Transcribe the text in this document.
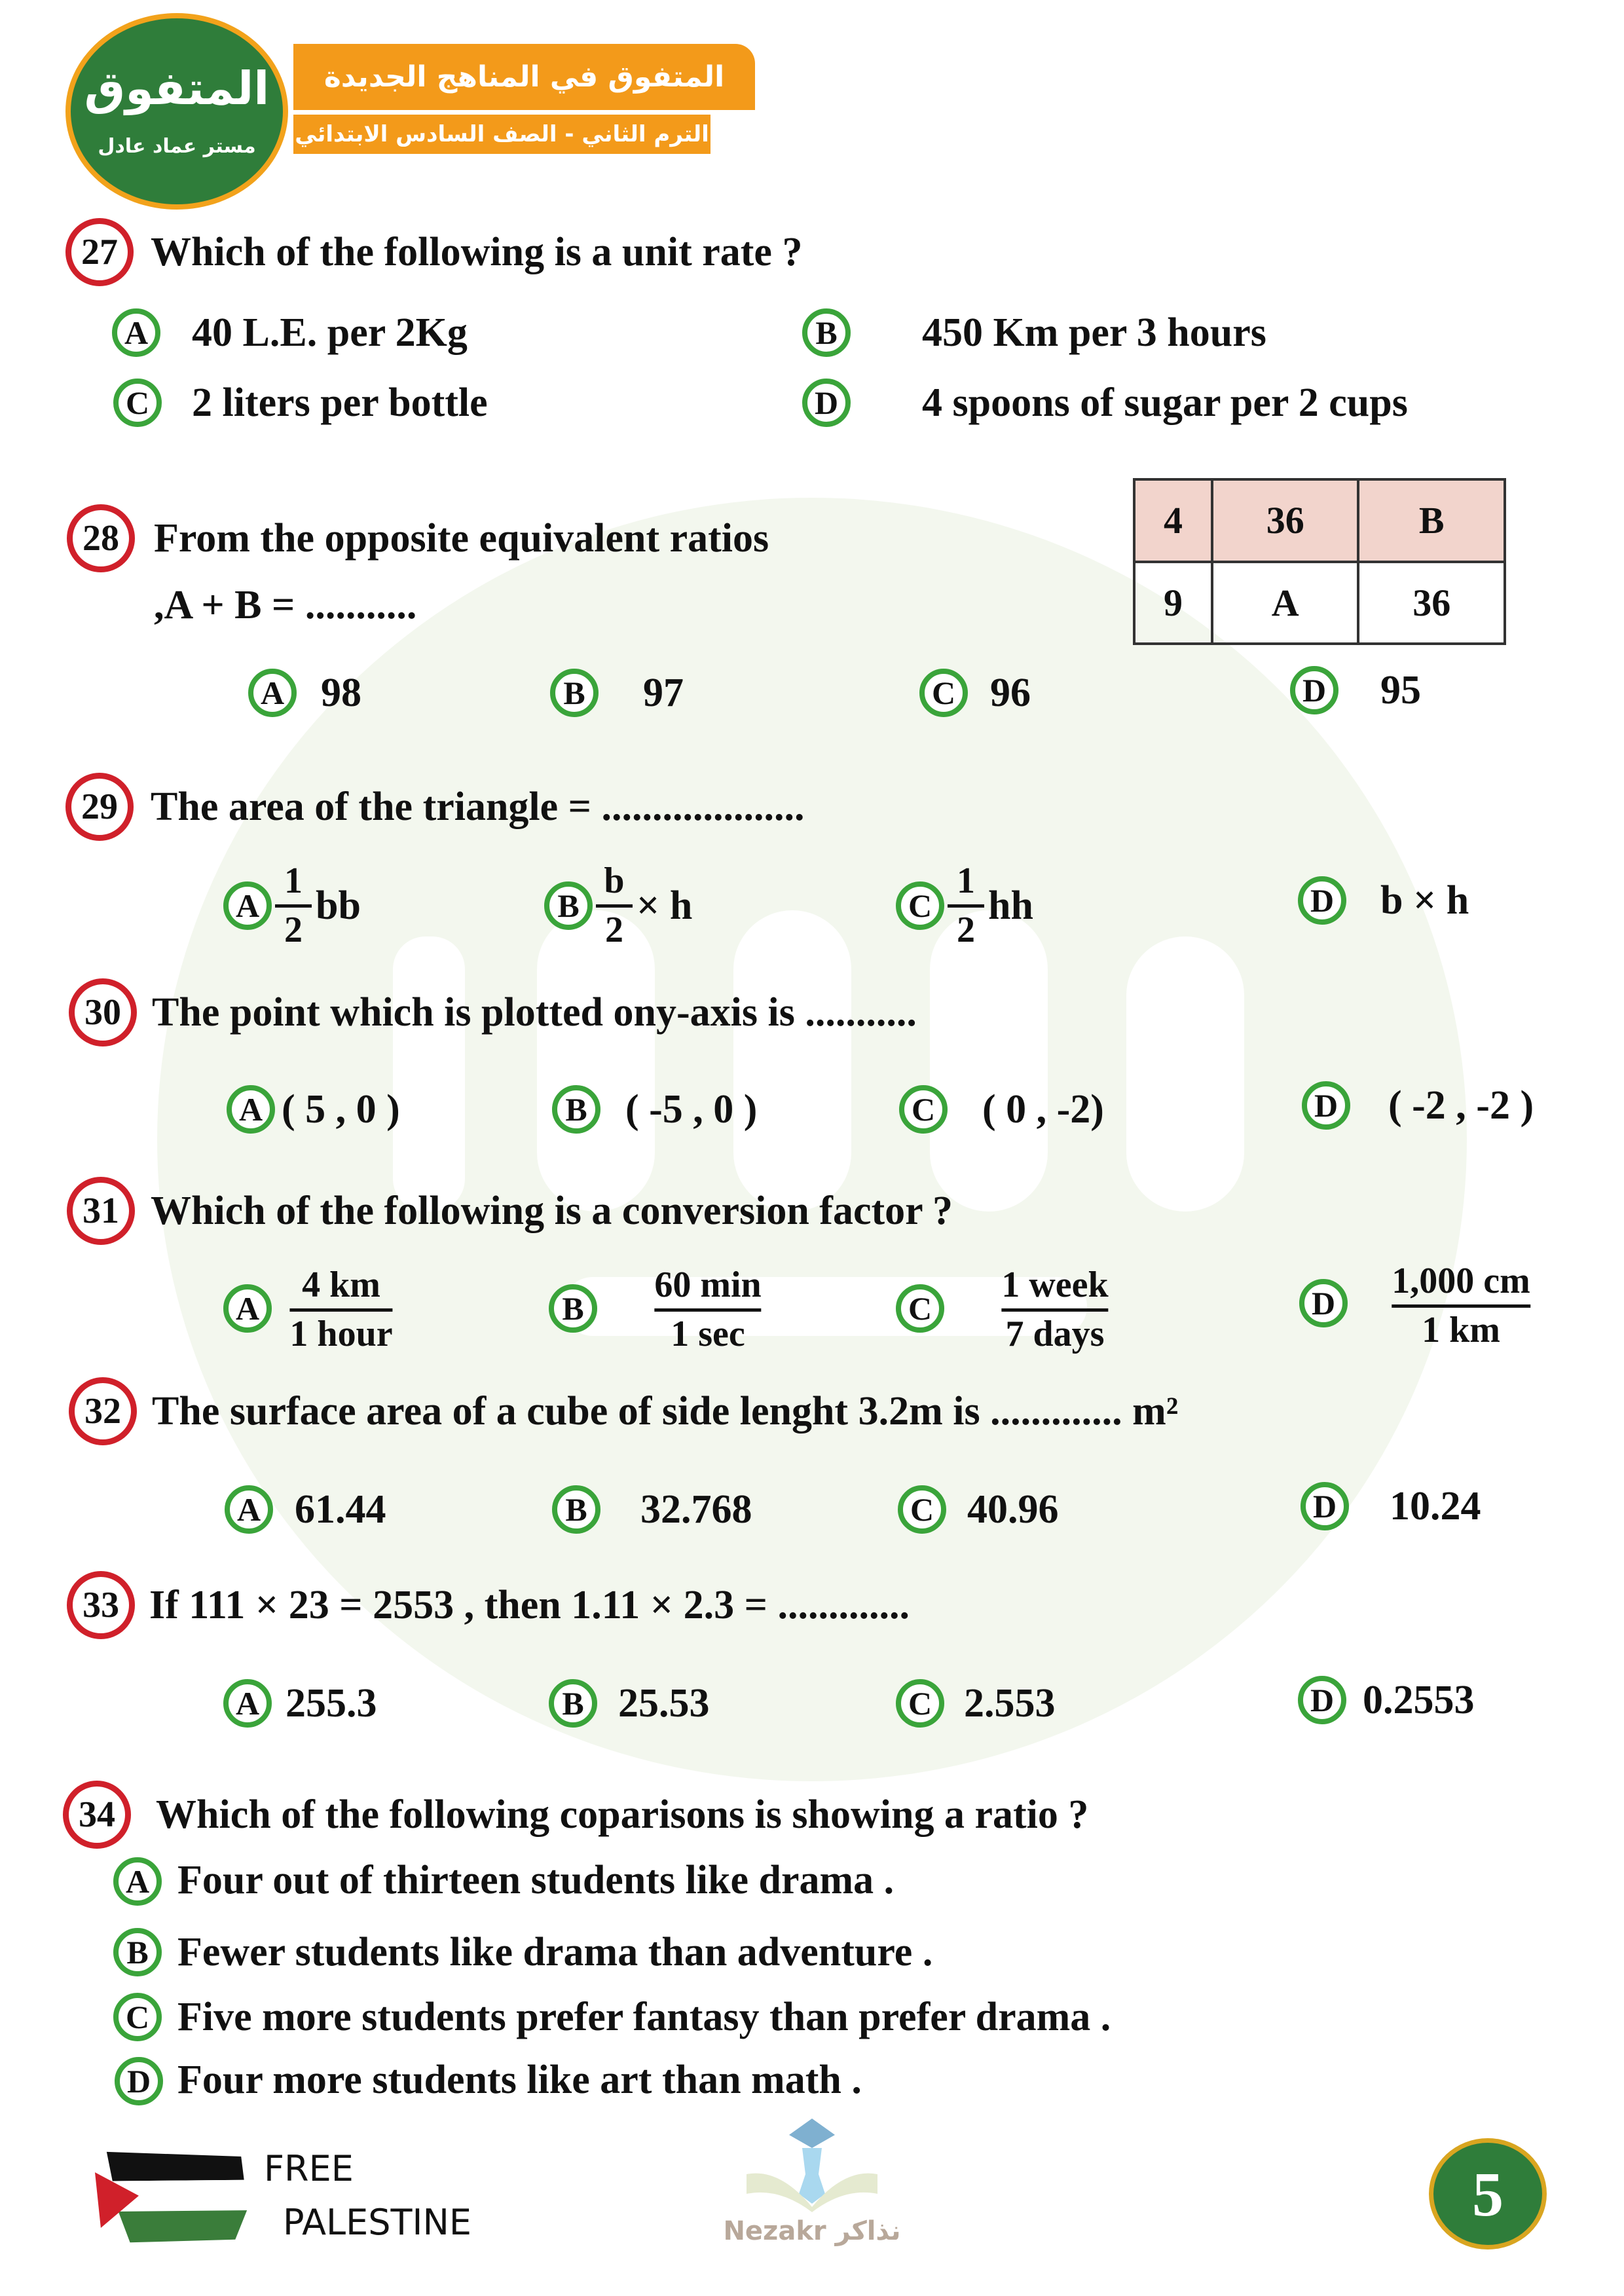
المتفوق في المناهج الجديدة
الترم الثاني - الصف السادس الابتدائي
المتفوق
مستر عماد عادل
27 Which of the following is a unit rate ?
A	40 L.E. per 2Kg	B	450 Km per 3 hours
C	2 liters per bottle	D	4 spoons of sugar per 2 cups
28 From the opposite equivalent ratios
,A + B = ...........
4	36	B
9	A	36
A 98	B	97	C 96	D	95
29 The area of the triangle = ....................
A
1
2
bb	B
b
2
× h	C
1
2
hh	D	b × h
30 The point which is plotted ony-axis is ...........
A ( 5 , 0 )	B ( -5 , 0 )	C	( 0 , -2)	D	( -2 , -2 )
31 Which of the following is a conversion factor ?
A
4 km
1 hour
B
60 min
1 sec
C
1 week
7 days
D
1,000 cm
1 km
32 The surface area of a cube of side lenght 3.2m is ............. m²
A 61.44	B	32.768	C 40.96	D	10.24
33 If 111 × 23 = 2553 , then 1.11 × 2.3 = .............
A 255.3	B 25.53	C 2.553	D 0.2553
34	Which of the following coparisons is showing a ratio ?
A Four out of thirteen students like drama .
B Fewer students like drama than adventure .
C Five more students prefer fantasy than prefer drama .
D Four more students like art than math .
FREE
PALESTINE	Nezakr نذاكر
5
